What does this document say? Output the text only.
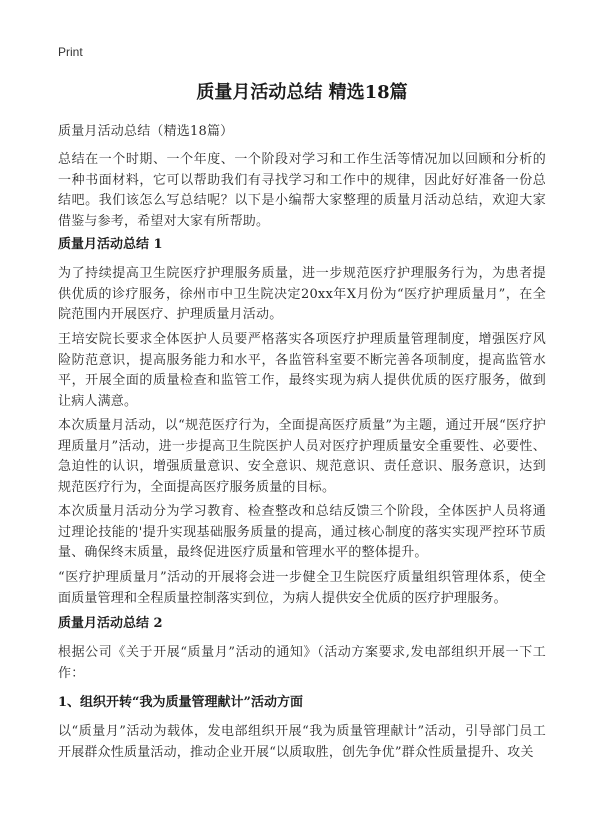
Print
质量月活动总结 精选18篇

质量月活动总结（精选18篇）

总结在一个时期、一个年度、一个阶段对学习和工作生活等情况加以回顾和分析的一种书面材料，它可以帮助我们有寻找学习和工作中的规律，因此好好准备一份总结吧。我们该怎么写总结呢？以下是小编帮大家整理的质量月活动总结，欢迎大家借鉴与参考，希望对大家有所帮助。

质量月活动总结 1

为了持续提高卫生院医疗护理服务质量，进一步规范医疗护理服务行为，为患者提供优质的诊疗服务，徐州市中卫生院决定20xx年X月份为“医疗护理质量月”，在全院范围内开展医疗、护理质量月活动。

王培安院长要求全体医护人员要严格落实各项医疗护理质量管理制度，增强医疗风险防范意识，提高服务能力和水平，各监管科室要不断完善各项制度，提高监管水平，开展全面的质量检查和监管工作，最终实现为病人提供优质的医疗服务，做到让病人满意。

本次质量月活动，以“规范医疗行为，全面提高医疗质量”为主题，通过开展“医疗护理质量月”活动，进一步提高卫生院医护人员对医疗护理质量安全重要性、必要性、急迫性的认识，增强质量意识、安全意识、规范意识、责任意识、服务意识，达到规范医疗行为，全面提高医疗服务质量的目标。

本次质量月活动分为学习教育、检查整改和总结反馈三个阶段，全体医护人员将通过理论技能的'提升实现基础服务质量的提高，通过核心制度的落实实现严控环节质量、确保终末质量，最终促进医疗质量和管理水平的整体提升。

“医疗护理质量月”活动的开展将会进一步健全卫生院医疗质量组织管理体系，使全面质量管理和全程质量控制落实到位，为病人提供安全优质的医疗护理服务。

质量月活动总结 2

根据公司《关于开展“质量月”活动的通知》（活动方案要求,发电部组织开展一下工作：

1、组织开转“我为质量管理献计”活动方面

以“质量月”活动为载体，发电部组织开展“我为质量管理献计”活动，引导部门员工开展群众性质量活动，推动企业开展“以质取胜，创先争优”群众性质量提升、攻关
